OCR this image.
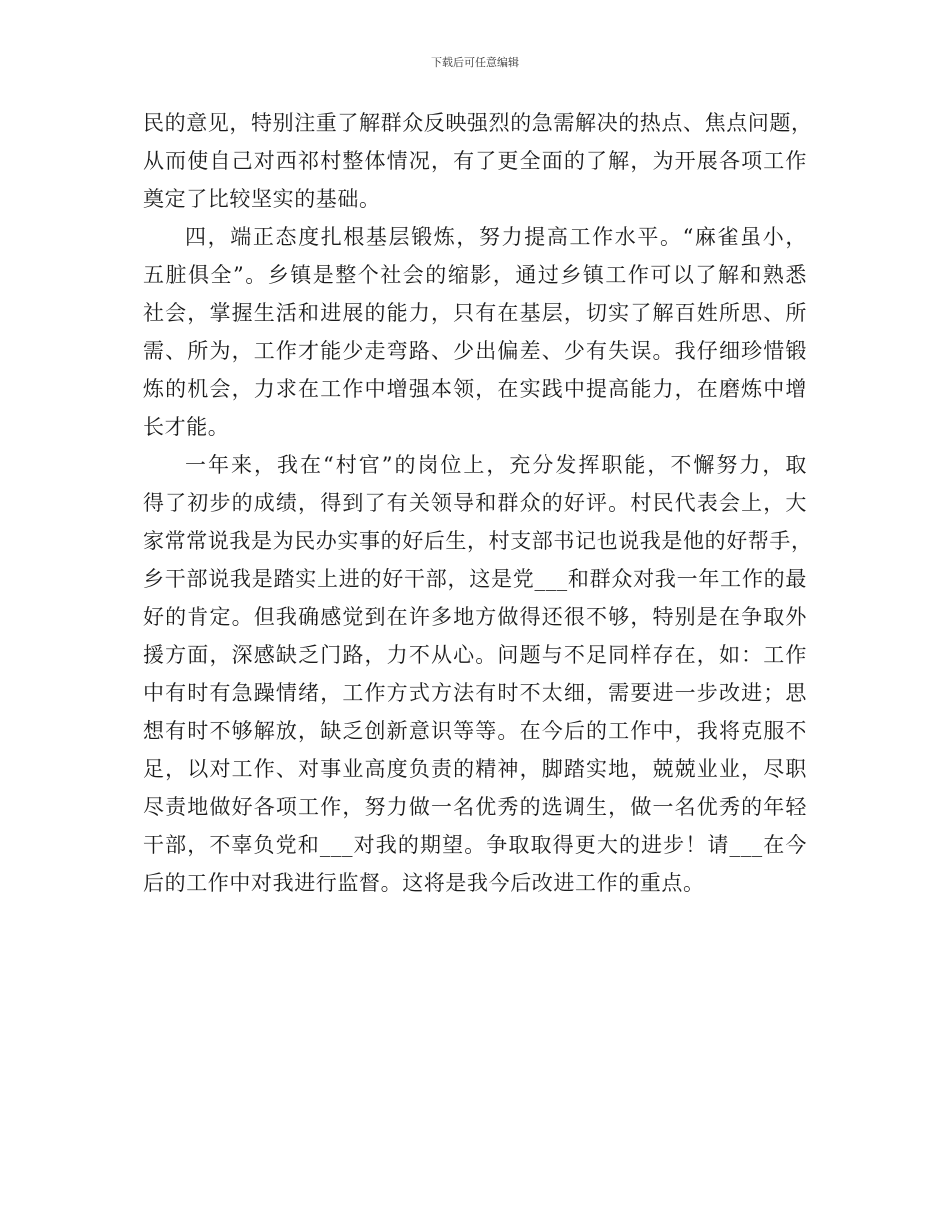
下载后可任意编辑
民的意见，特别注重了解群众反映强烈的急需解决的热点、焦点问题，
从而使自己对西祁村整体情况，有了更全面的了解，为开展各项工作
奠定了比较坚实的基础。
四，端正态度扎根基层锻炼，努力提高工作水平。“麻雀虽小，
五脏俱全”。乡镇是整个社会的缩影，通过乡镇工作可以了解和熟悉
社会，掌握生活和进展的能力，只有在基层，切实了解百姓所思、所
需、所为，工作才能少走弯路、少出偏差、少有失误。我仔细珍惜锻
炼的机会，力求在工作中增强本领，在实践中提高能力，在磨炼中增
长才能。
一年来，我在“村官”的岗位上，充分发挥职能，不懈努力，取
得了初步的成绩，得到了有关领导和群众的好评。村民代表会上，大
家常常说我是为民办实事的好后生，村支部书记也说我是他的好帮手，
乡干部说我是踏实上进的好干部，这是党___和群众对我一年工作的最
好的肯定。但我确感觉到在许多地方做得还很不够，特别是在争取外
援方面，深感缺乏门路，力不从心。问题与不足同样存在，如：工作
中有时有急躁情绪，工作方式方法有时不太细，需要进一步改进；思
想有时不够解放，缺乏创新意识等等。在今后的工作中，我将克服不
足，以对工作、对事业高度负责的精神，脚踏实地，兢兢业业，尽职
尽责地做好各项工作，努力做一名优秀的选调生，做一名优秀的年轻
干部，不辜负党和___对我的期望。争取取得更大的进步！请___在今
后的工作中对我进行监督。这将是我今后改进工作的重点。
